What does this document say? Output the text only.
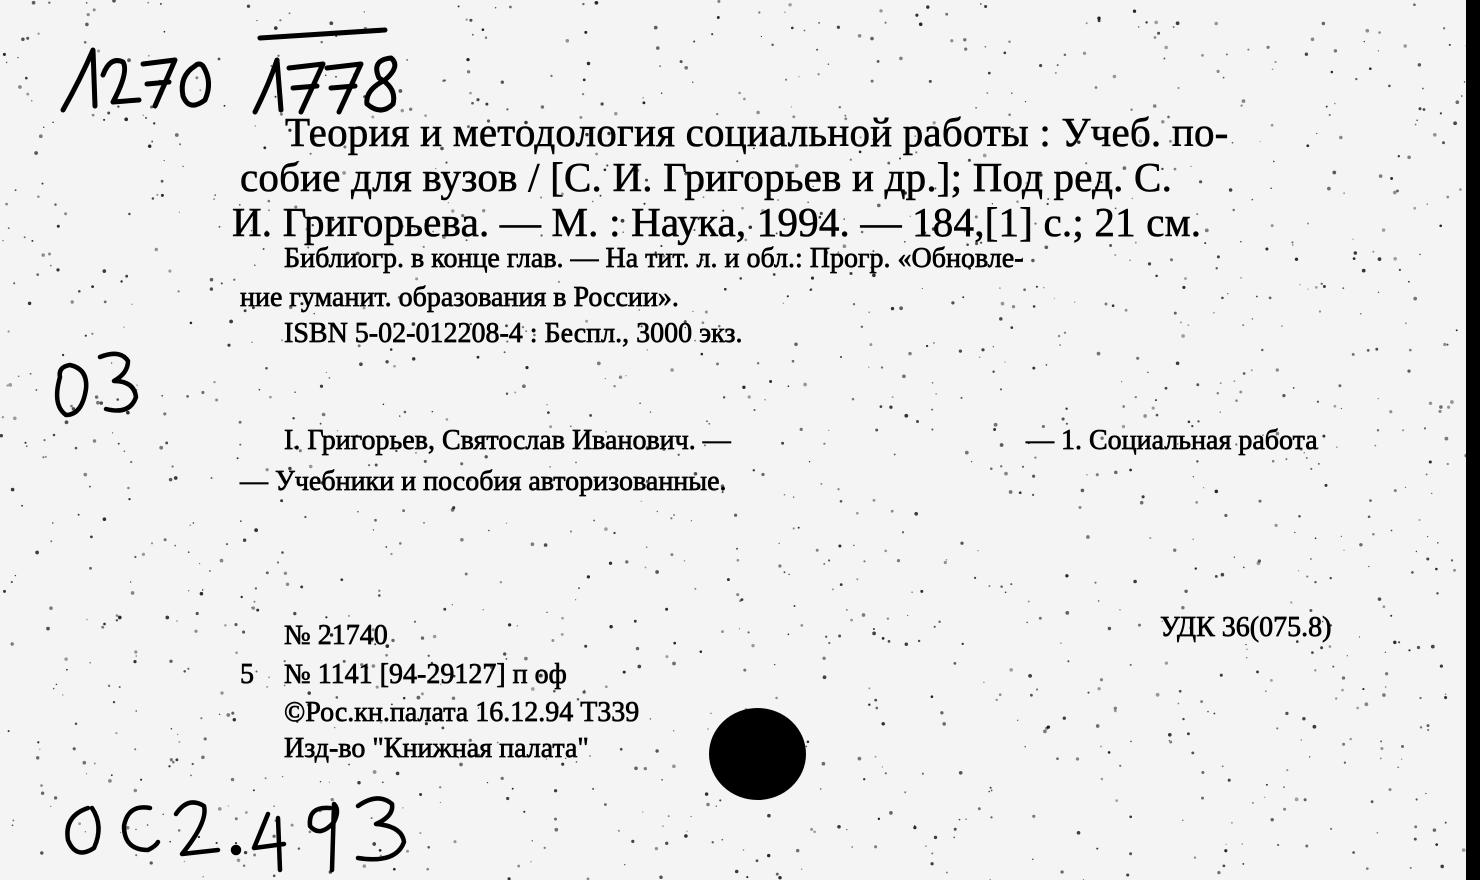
Теория и методология социальной работы : Учеб. по-
собие для вузов / [С. И. Григорьев и др.]; Под ред. С.
И. Григорьева. — М. : Наука, 1994. — 184,[1] с.; 21 см.
Библиогр. в конце глав. — На тит. л. и обл.: Прогр. «Обновле-
ние гуманит. образования в России».
ISBN 5-02-012208-4 : Беспл., 3000 экз.
I. Григорьев, Святослав Иванович. —	— 1. Социальная работа
— Учебники и пособия авторизованные.
УДК 36(075.8)
№ 21740
5 № 1141 [94-29127] п оф
©Рос.кн.палата 16.12.94 Т339
Изд-во "Книжная палата"
